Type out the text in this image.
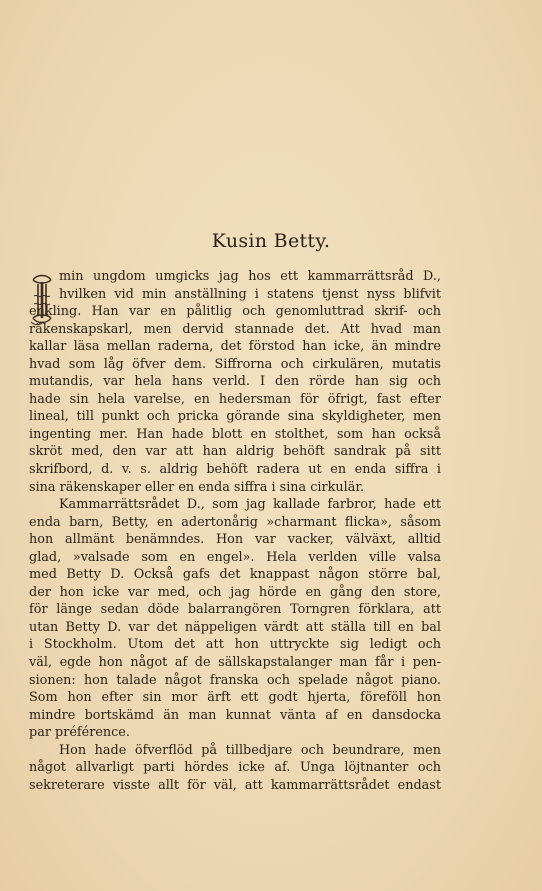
Kusin Betty.
min ungdom umgicks jag hos ett kammarrättsråd D.,
hvilken vid min anställning i statens tjenst nyss blifvit
enkling. Han var en pålitlig och genomluttrad skrif- och
räkenskapskarl, men dervid stannade det. Att hvad man
kallar läsa mellan raderna, det förstod han icke, än mindre
hvad som låg öfver dem. Siffrorna och cirkulären, mutatis
mutandis, var hela hans verld. I den rörde han sig och
hade sin hela varelse, en hedersman för öfrigt, fast efter
lineal, till punkt och pricka görande sina skyldigheter, men
ingenting mer. Han hade blott en stolthet, som han också
skröt med, den var att han aldrig behöft sandrak på sitt
skrifbord, d. v. s. aldrig behöft radera ut en enda siffra i
sina räkenskaper eller en enda siffra i sina cirkulär.
Kammarrättsrådet D., som jag kallade farbror, hade ett
enda barn, Betty, en adertonårig »charmant flicka», såsom
hon allmänt benämndes. Hon var vacker, välväxt, alltid
glad, »valsade som en engel». Hela verlden ville valsa
med Betty D. Också gafs det knappast någon större bal,
der hon icke var med, och jag hörde en gång den store,
för länge sedan döde balarrangören Torngren förklara, att
utan Betty D. var det näppeligen värdt att ställa till en bal
i Stockholm. Utom det att hon uttryckte sig ledigt och
väl, egde hon något af de sällskapstalanger man får i pen-
sionen: hon talade något franska och spelade något piano.
Som hon efter sin mor ärft ett godt hjerta, föreföll hon
mindre bortskämd än man kunnat vänta af en dansdocka
par préférence.
Hon hade öfverflöd på tillbedjare och beundrare, men
något allvarligt parti hördes icke af. Unga löjtnanter och
sekreterare visste allt för väl, att kammarrättsrådet endast
